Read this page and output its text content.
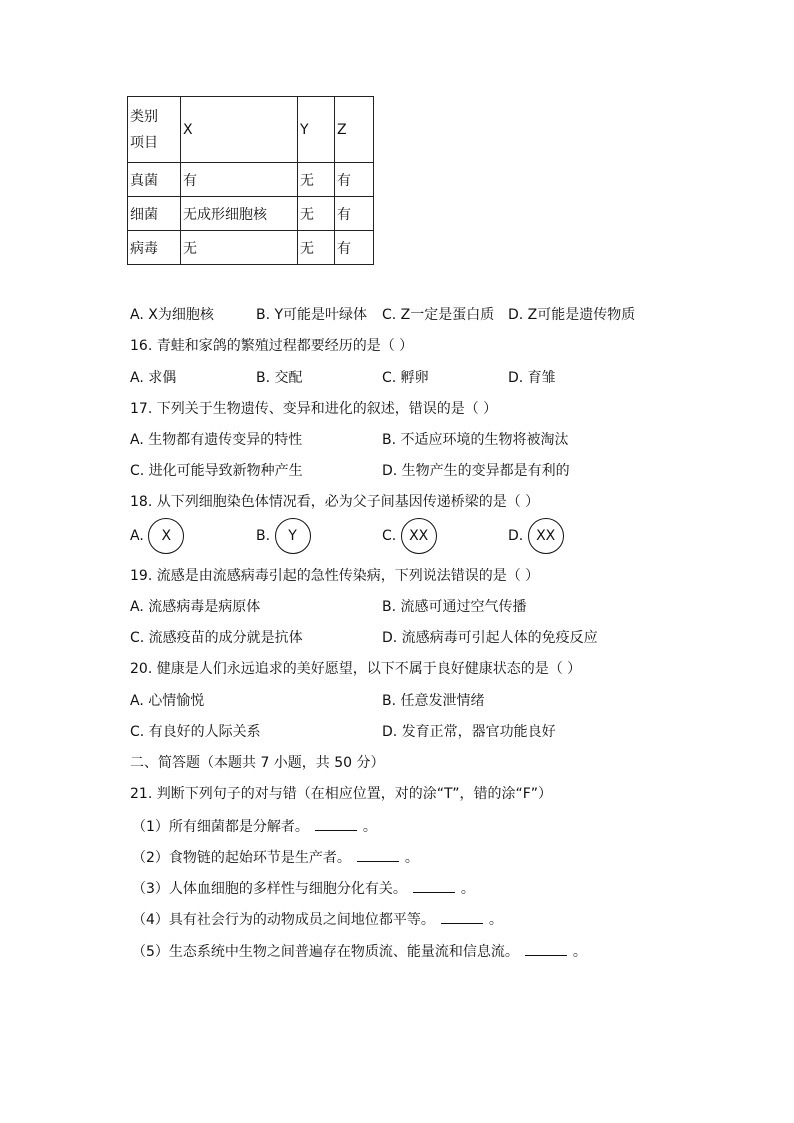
类别
项目	X	Y	Z
真菌	有	无	有
细菌	无成形细胞核	无	有
病毒	无	无	有
A. X为细胞核	B. Y可能是叶绿体 C. Z一定是蛋白质 D. Z可能是遗传物质
16. 青蛙和家鸽的繁殖过程都要经历的是（ ）
A. 求偶	B. 交配	C. 孵卵	D. 育雏
17. 下列关于生物遗传、变异和进化的叙述，错误的是（ ）
A. 生物都有遗传变异的特性	B. 不适应环境的生物将被淘汰
C. 进化可能导致新物种产生	D. 生物产生的变异都是有利的
18. 从下列细胞染色体情况看，必为父子间基因传递桥梁的是（ ）
A. X	B. Y	C. XX	D. XX
19. 流感是由流感病毒引起的急性传染病，下列说法错误的是（ ）
A. 流感病毒是病原体	B. 流感可通过空气传播
C. 流感疫苗的成分就是抗体	D. 流感病毒可引起人体的免疫反应
20. 健康是人们永远追求的美好愿望，以下不属于良好健康状态的是（ ）
A. 心情愉悦	B. 任意发泄情绪
C. 有良好的人际关系	D. 发育正常，器官功能良好
二、简答题（本题共 7 小题，共 50 分）
21. 判断下列句子的对与错（在相应位置，对的涂“T”，错的涂“F”）
（1）所有细菌都是分解者。	。
（2）食物链的起始环节是生产者。	。
（3）人体血细胞的多样性与细胞分化有关。	。
（4）具有社会行为的动物成员之间地位都平等。	。
（5）生态系统中生物之间普遍存在物质流、能量流和信息流。	。
